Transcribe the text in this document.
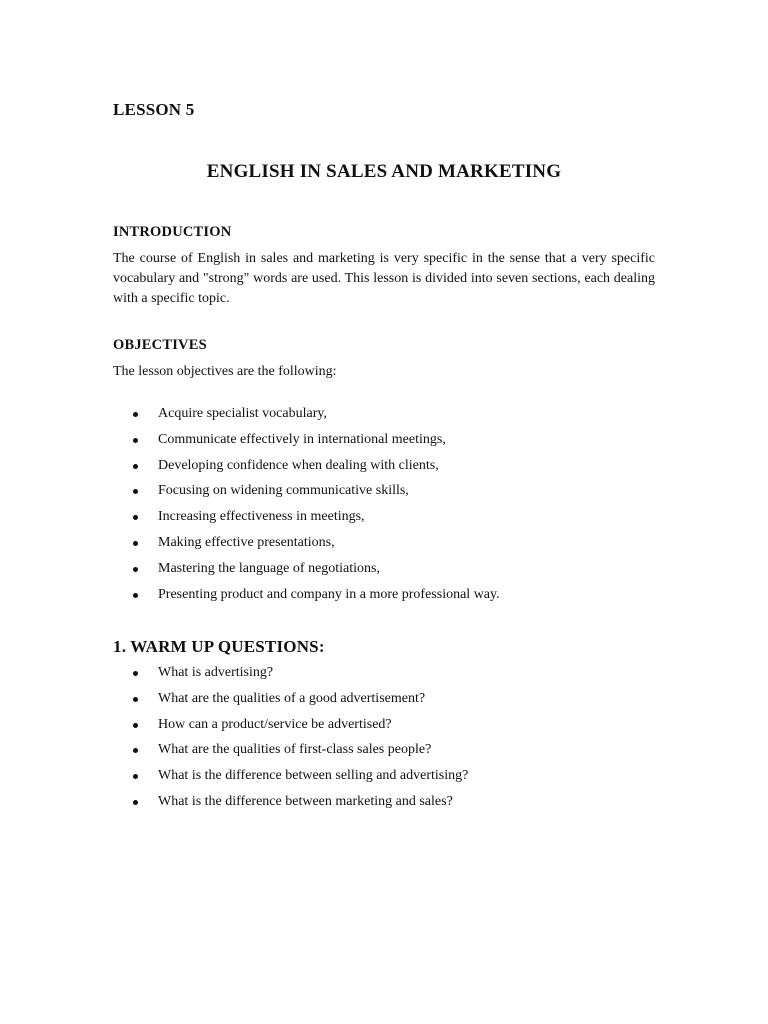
LESSON 5
ENGLISH IN SALES AND MARKETING
INTRODUCTION

The course of English in sales and marketing is very specific in the sense that a very specific vocabulary and "strong" words are used. This lesson is divided into seven sections, each dealing with a specific topic.

OBJECTIVES

The lesson objectives are the following:

Acquire specialist vocabulary,
Communicate effectively in international meetings,
Developing confidence when dealing with clients,
Focusing on widening communicative skills,
Increasing effectiveness in meetings,
Making effective presentations,
Mastering the language of negotiations,
Presenting product and company in a more professional way.
1. WARM UP QUESTIONS:
What is advertising?
What are the qualities of a good advertisement?
How can a product/service be advertised?
What are the qualities of first-class sales people?
What is the difference between selling and advertising?
What is the difference between marketing and sales?
